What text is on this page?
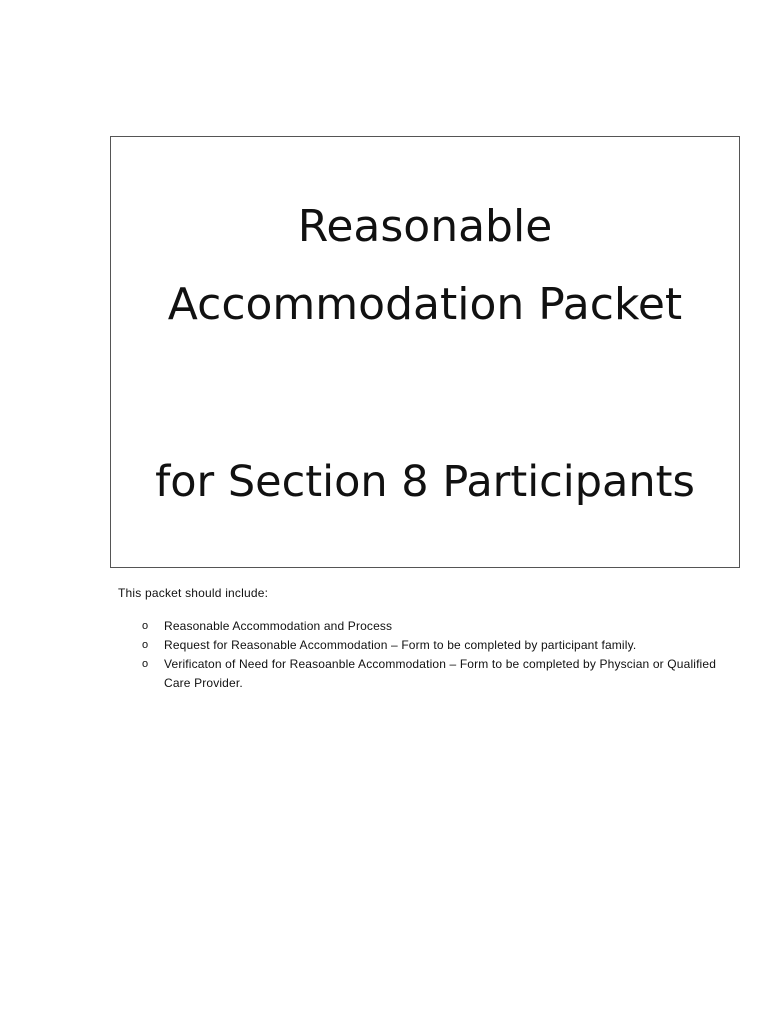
Reasonable
Accommodation Packet
for Section 8 Participants
This packet should include:
o Reasonable Accommodation and Process
o Request for Reasonable Accommodation – Form to be completed by participant family.
o Verificaton of Need for Reasoanble Accommodation – Form to be completed by Physcian or Qualified Care Provider.
